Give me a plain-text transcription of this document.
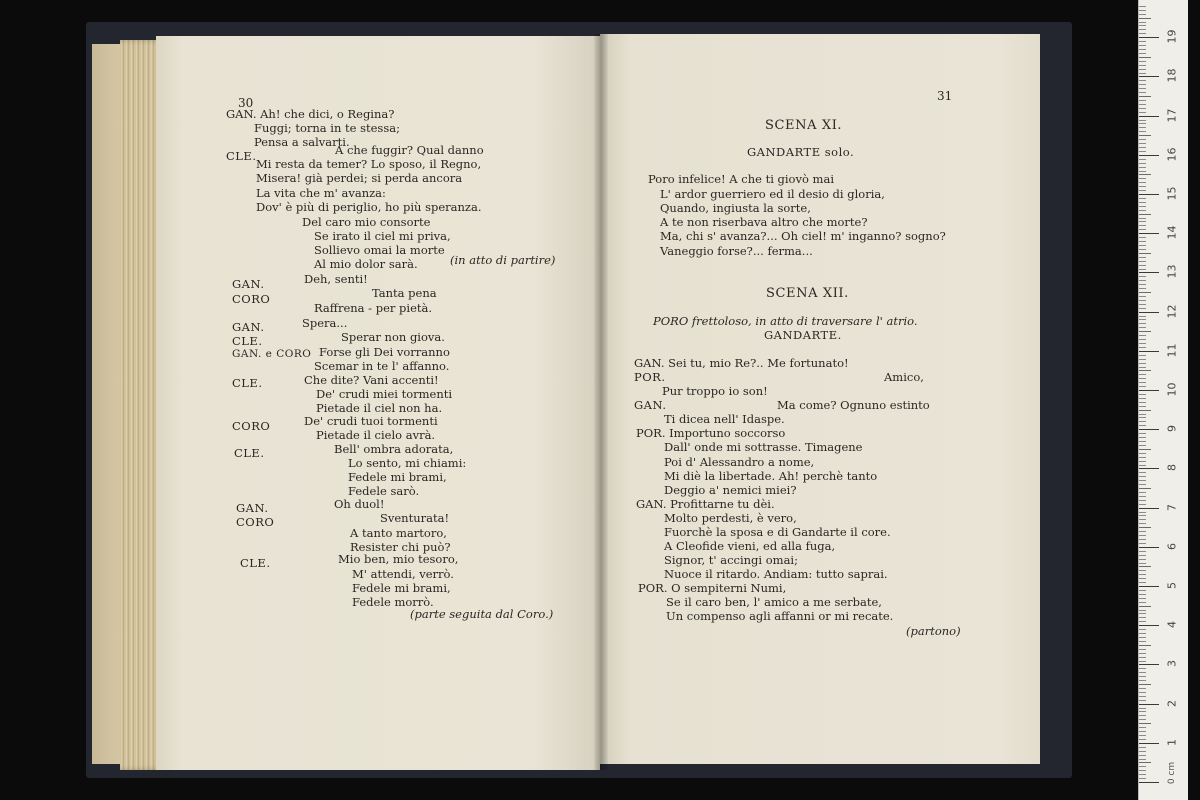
30
GAN. Ah! che dici, o Regina?
Fuggi; torna in te stessa;
Pensa a salvarti.
CLE.	A che fuggir? Qual danno
Mi resta da temer? Lo sposo, il Regno,
Misera! già perdei; si perda ancora
La vita che m' avanza:
Dov' è più di periglio, ho più speranza.
Del caro mio consorte
Se irato il ciel mi priva,
Sollievo omai la morte
Al mio dolor sarà.	(in atto di partire)
GAN.	Deh, senti!
CORO	Tanta pena
Raffrena - per pietà.
GAN.	Spera...
CLE.	Sperar non giova.
GAN. e CORO Forse gli Dei vorranno
Scemar in te l' affanno.
CLE.	Che dite? Vani accenti!
De' crudi miei tormenti
Pietade il ciel non ha.
CORO	De' crudi tuoi tormenti
Pietade il cielo avrà.
CLE.	Bell' ombra adorata,
Lo sento, mi chiami:
Fedele mi brami,
Fedele sarò.
GAN.	Oh duol!
CORO	Sventurata!
A tanto martoro,
Resister chi può?
CLE.	Mio ben, mio tesoro,
M' attendi, verrò.
Fedele mi brami,
Fedele morrò.
(parte seguita dal Coro.)
31
SCENA XI.
GANDARTE solo.
Poro infelice! A che ti giovò mai
L' ardor guerriero ed il desio di gloria,
Quando, ingiusta la sorte,
A te non riserbava altro che morte?
Ma, chi s' avanza?... Oh ciel! m' inganno? sogno?
Vaneggio forse?... ferma...
SCENA XII.
PORO frettoloso, in atto di traversare l' atrio.
GANDARTE.
GAN. Sei tu, mio Re?.. Me fortunato!
POR.	Amico,
Pur troppo io son!
GAN.	Ma come? Ognuno estinto
Ti dicea nell' Idaspe.
POR. Importuno soccorso
Dall' onde mi sottrasse. Timagene
Poi d' Alessandro a nome,
Mi diè la libertade. Ah! perchè tanto
Deggio a' nemici miei?
GAN. Profittarne tu dèi.
Molto perdesti, è vero,
Fuorchè la sposa e di Gandarte il core.
A Cleofide vieni, ed alla fuga,
Signor, t' accingi omai;
Nuoce il ritardo. Andiam: tutto saprai.
POR. O sempiterni Numi,
Se il caro ben, l' amico a me serbate,
Un compenso agli affanni or mi recate.
(partono)
0 cm
1
2
3
4
5
6
7
8
9
10
11
12
13
14
15
16
17
18
19
